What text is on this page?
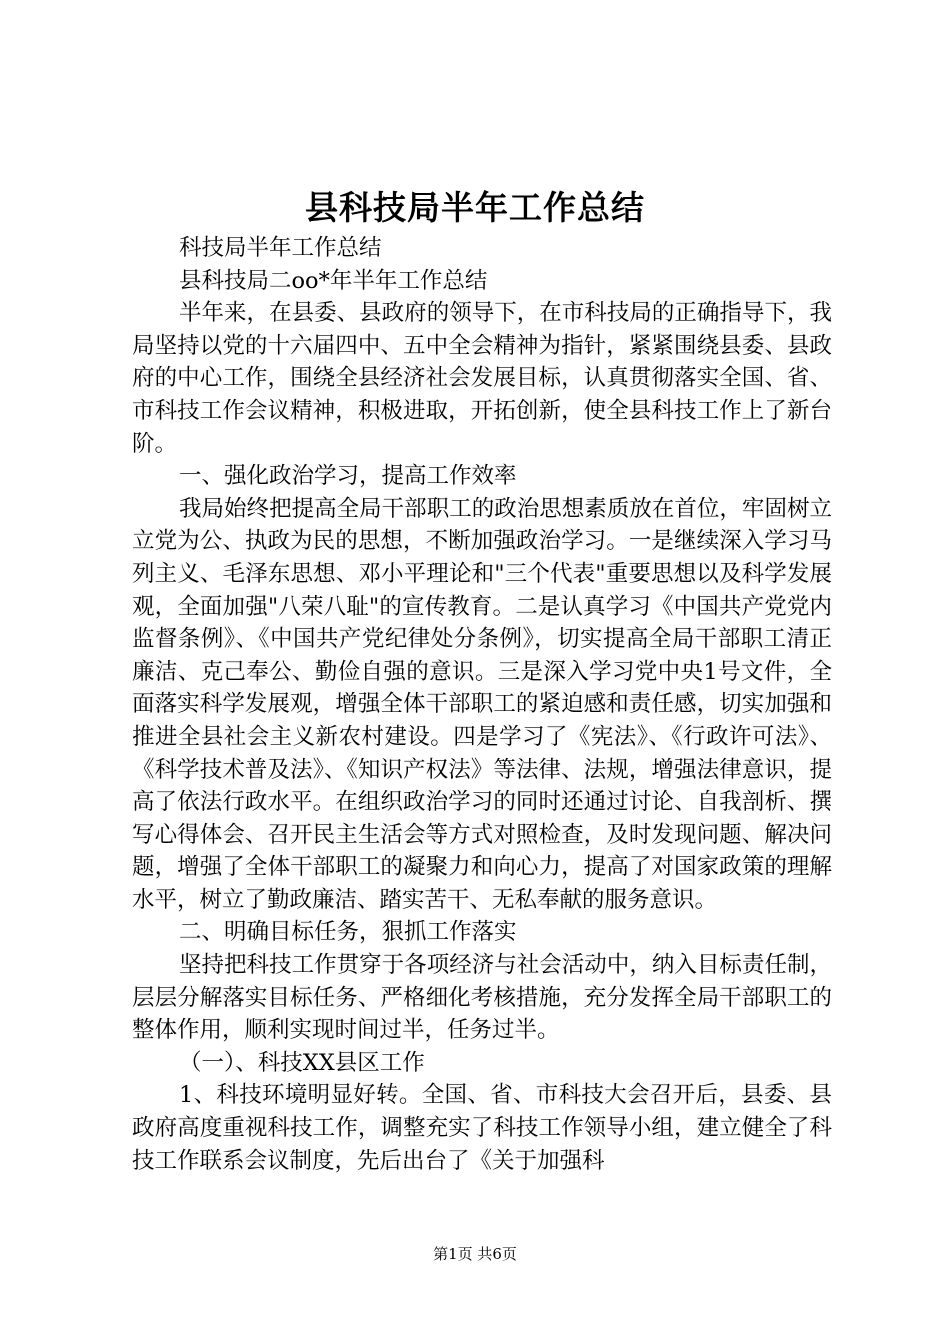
县科技局半年工作总结

科技局半年工作总结

县科技局二oo*年半年工作总结

半年来，在县委、县政府的领导下，在市科技局的正确指导下，我局坚持以党的十六届四中、五中全会精神为指针，紧紧围绕县委、县政府的中心工作，围绕全县经济社会发展目标，认真贯彻落实全国、省、市科技工作会议精神，积极进取，开拓创新，使全县科技工作上了新台阶。

一、强化政治学习，提高工作效率

我局始终把提高全局干部职工的政治思想素质放在首位，牢固树立立党为公、执政为民的思想，不断加强政治学习。一是继续深入学习马列主义、毛泽东思想、邓小平理论和"三个代表"重要思想以及科学发展观，全面加强"八荣八耻"的宣传教育。二是认真学习《中国共产党党内监督条例》、《中国共产党纪律处分条例》，切实提高全局干部职工清正廉洁、克己奉公、勤俭自强的意识。三是深入学习党中央1号文件，全面落实科学发展观，增强全体干部职工的紧迫感和责任感，切实加强和推进全县社会主义新农村建设。四是学习了《宪法》、《行政许可法》、《科学技术普及法》、《知识产权法》等法律、法规，增强法律意识，提高了依法行政水平。在组织政治学习的同时还通过讨论、自我剖析、撰写心得体会、召开民主生活会等方式对照检查，及时发现问题、解决问题，增强了全体干部职工的凝聚力和向心力，提高了对国家政策的理解水平，树立了勤政廉洁、踏实苦干、无私奉献的服务意识。

二、明确目标任务，狠抓工作落实

坚持把科技工作贯穿于各项经济与社会活动中，纳入目标责任制，层层分解落实目标任务、严格细化考核措施，充分发挥全局干部职工的整体作用，顺利实现时间过半，任务过半。

（一）、科技XX县区工作

1、科技环境明显好转。全国、省、市科技大会召开后，县委、县政府高度重视科技工作，调整充实了科技工作领导小组，建立健全了科技工作联系会议制度，先后出台了《关于加强科

第1页 共6页
